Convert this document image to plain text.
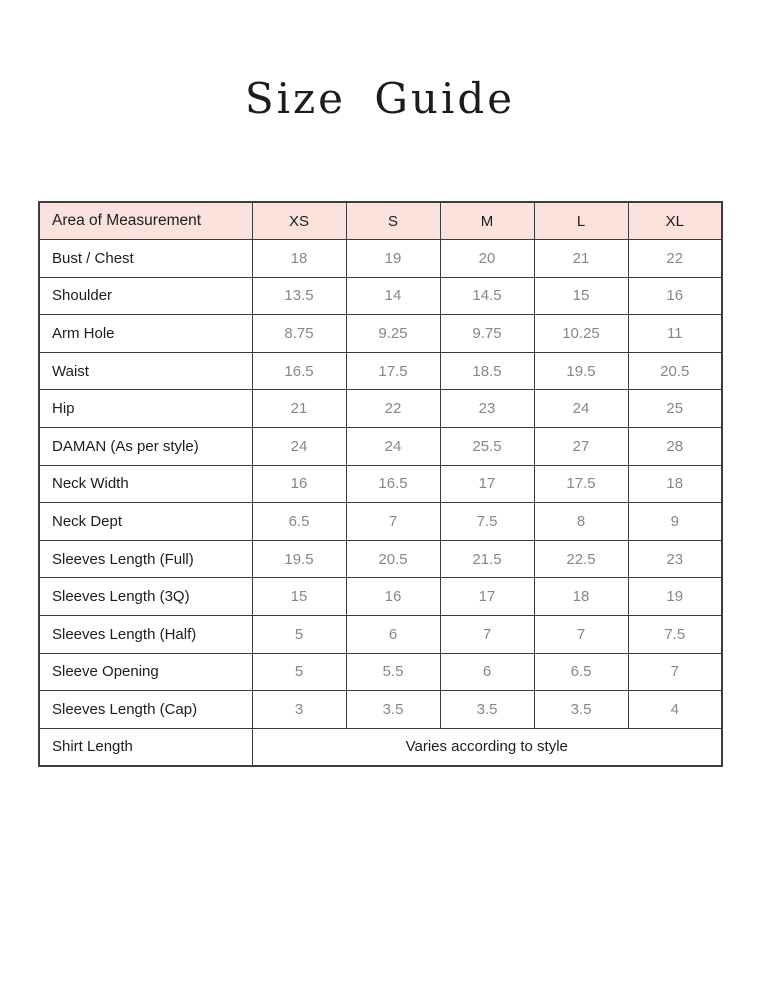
Size Guide
Area of Measurement	XS	S	M	L	XL
Bust / Chest	18	19	20	21	22
Shoulder	13.5	14	14.5	15	16
Arm Hole	8.75	9.25	9.75	10.25	11
Waist	16.5	17.5	18.5	19.5	20.5
Hip	21	22	23	24	25
DAMAN (As per style)	24	24	25.5	27	28
Neck Width	16	16.5	17	17.5	18
Neck Dept	6.5	7	7.5	8	9
Sleeves Length (Full)	19.5	20.5	21.5	22.5	23
Sleeves Length (3Q)	15	16	17	18	19
Sleeves Length (Half)	5	6	7	7	7.5
Sleeve Opening	5	5.5	6	6.5	7
Sleeves Length (Cap)	3	3.5	3.5	3.5	4
Shirt Length	Varies according to style				
